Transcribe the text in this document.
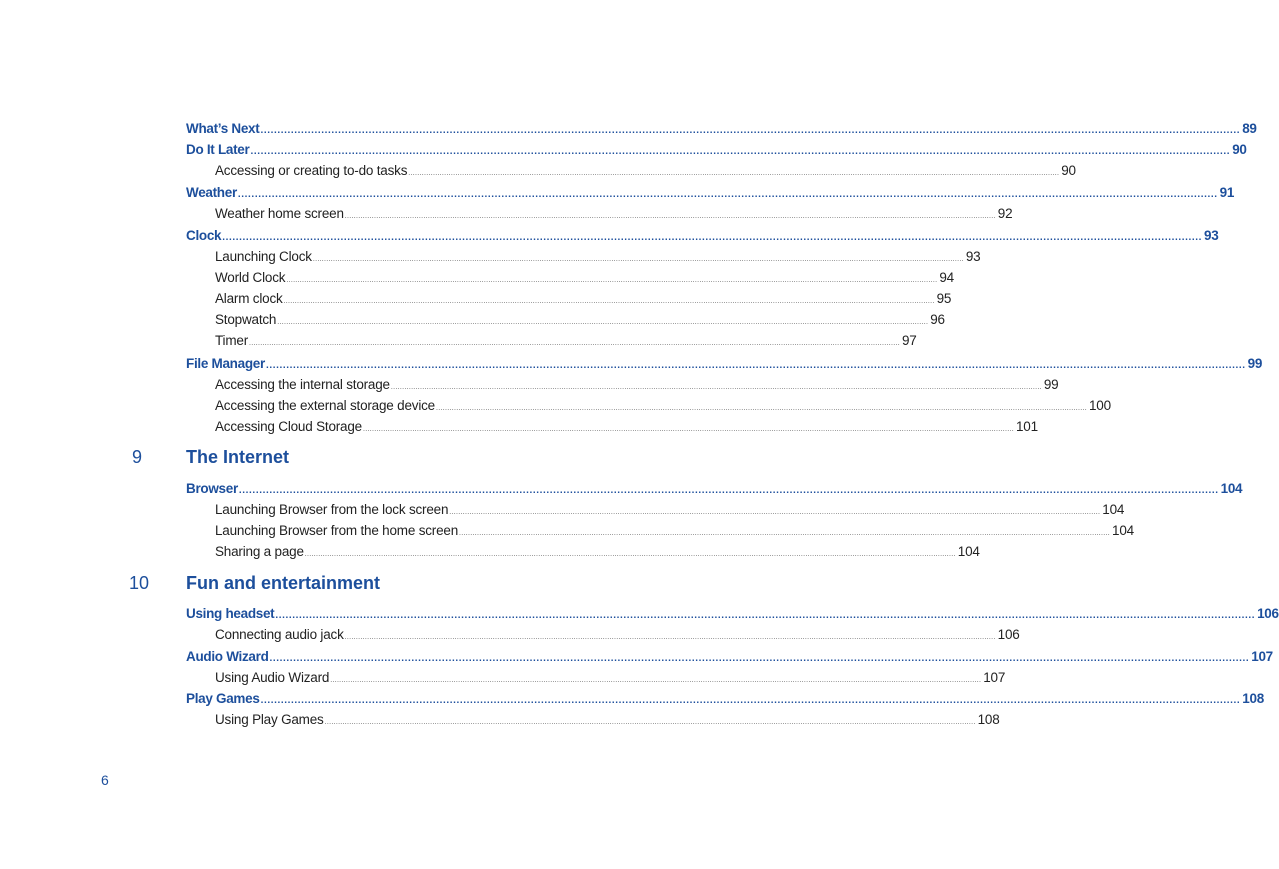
What’s Next .................................................................................................................................................................................................................................................................................................. 89
Do It Later .................................................................................................................................................................................................................................................................................................. 90
Accessing or creating to-do tasks .................................................................................................................................................................................................................................................................................................. 90
Weather .................................................................................................................................................................................................................................................................................................. 91
Weather home screen .................................................................................................................................................................................................................................................................................................. 92
Clock .................................................................................................................................................................................................................................................................................................. 93
Launching Clock .................................................................................................................................................................................................................................................................................................. 93
World Clock .................................................................................................................................................................................................................................................................................................. 94
Alarm clock .................................................................................................................................................................................................................................................................................................. 95
Stopwatch .................................................................................................................................................................................................................................................................................................. 96
Timer .................................................................................................................................................................................................................................................................................................. 97
File Manager .................................................................................................................................................................................................................................................................................................. 99
Accessing the internal storage .................................................................................................................................................................................................................................................................................................. 99
Accessing the external storage device .................................................................................................................................................................................................................................................................................................. 100
Accessing Cloud Storage .................................................................................................................................................................................................................................................................................................. 101
9 The Internet
Browser .................................................................................................................................................................................................................................................................................................. 104
Launching Browser from the lock screen .................................................................................................................................................................................................................................................................................................. 104
Launching Browser from the home screen .................................................................................................................................................................................................................................................................................................. 104
Sharing a page .................................................................................................................................................................................................................................................................................................. 104
10 Fun and entertainment
Using headset .................................................................................................................................................................................................................................................................................................. 106
Connecting audio jack .................................................................................................................................................................................................................................................................................................. 106
Audio Wizard .................................................................................................................................................................................................................................................................................................. 107
Using Audio Wizard .................................................................................................................................................................................................................................................................................................. 107
Play Games .................................................................................................................................................................................................................................................................................................. 108
Using Play Games .................................................................................................................................................................................................................................................................................................. 108
6
